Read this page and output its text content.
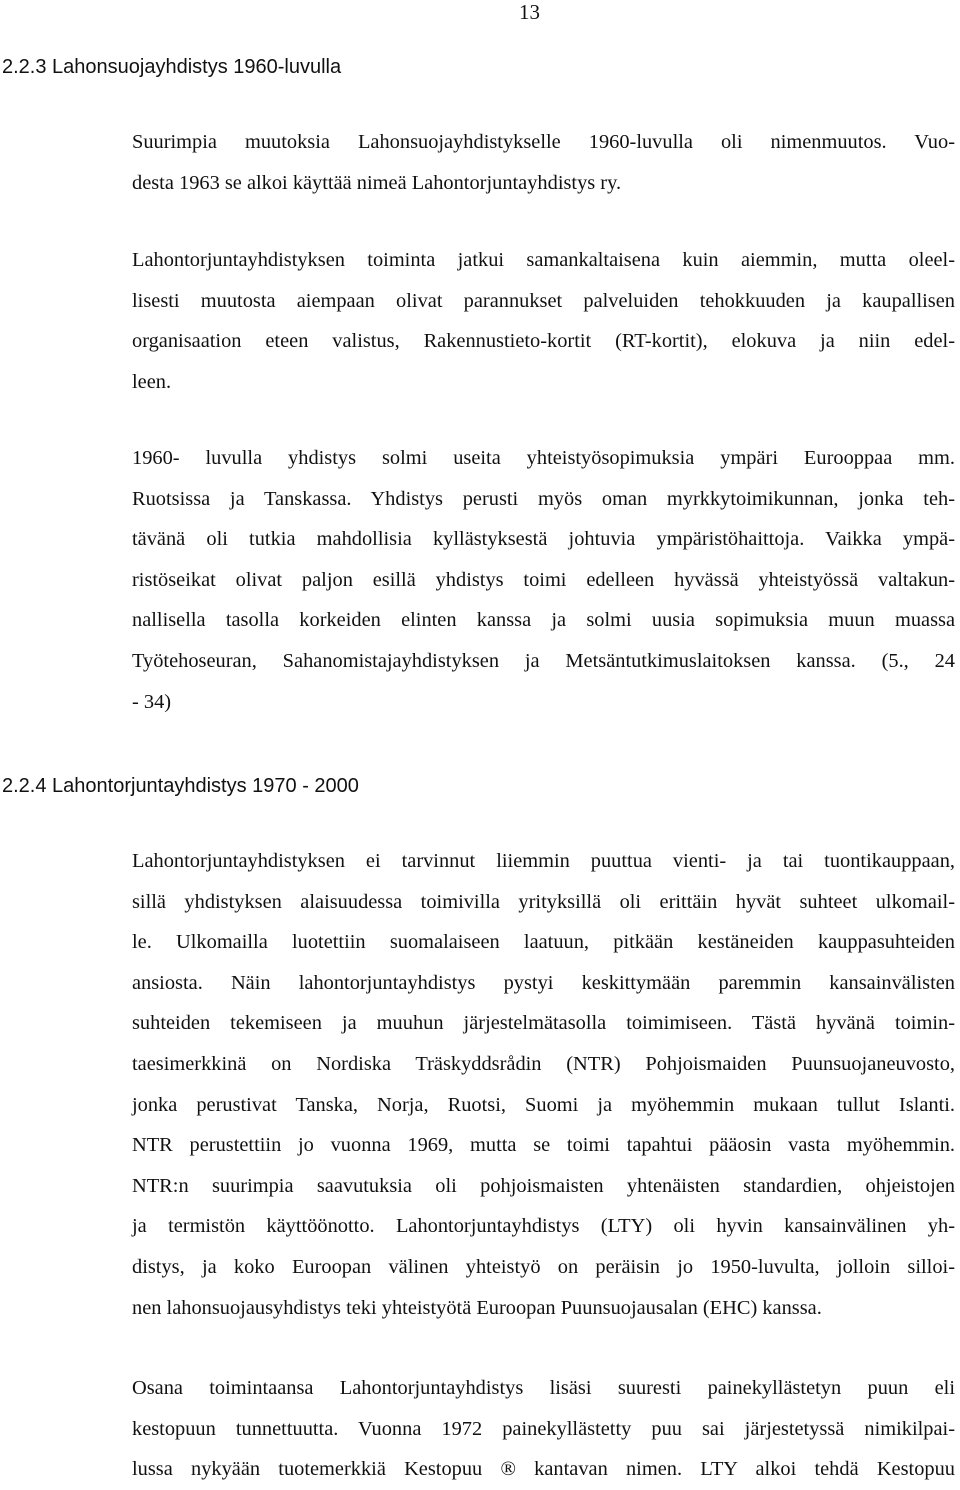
13
2.2.3 Lahonsuojayhdistys 1960-luvulla
Suurimpia muutoksia Lahonsuojayhdistykselle 1960-luvulla oli nimenmuutos. Vuo-
desta 1963 se alkoi käyttää nimeä Lahontorjuntayhdistys ry.
Lahontorjuntayhdistyksen toiminta jatkui samankaltaisena kuin aiemmin, mutta oleel-
lisesti muutosta aiempaan olivat parannukset palveluiden tehokkuuden ja kaupallisen
organisaation eteen valistus, Rakennustieto-kortit (RT-kortit), elokuva ja niin edel-
leen.
1960- luvulla yhdistys solmi useita yhteistyösopimuksia ympäri Eurooppaa mm.
Ruotsissa ja Tanskassa. Yhdistys perusti myös oman myrkkytoimikunnan, jonka teh-
tävänä oli tutkia mahdollisia kyllästyksestä johtuvia ympäristöhaittoja. Vaikka ympä-
ristöseikat olivat paljon esillä yhdistys toimi edelleen hyvässä yhteistyössä valtakun-
nallisella tasolla korkeiden elinten kanssa ja solmi uusia sopimuksia muun muassa
Työtehoseuran, Sahanomistajayhdistyksen ja Metsäntutkimuslaitoksen kanssa. (5., 24
- 34)
2.2.4 Lahontorjuntayhdistys 1970 - 2000
Lahontorjuntayhdistyksen ei tarvinnut liiemmin puuttua vienti- ja tai tuontikauppaan,
sillä yhdistyksen alaisuudessa toimivilla yrityksillä oli erittäin hyvät suhteet ulkomail-
le. Ulkomailla luotettiin suomalaiseen laatuun, pitkään kestäneiden kauppasuhteiden
ansiosta. Näin lahontorjuntayhdistys pystyi keskittymään paremmin kansainvälisten
suhteiden tekemiseen ja muuhun järjestelmätasolla toimimiseen. Tästä hyvänä toimin-
taesimerkkinä on Nordiska Träskyddsrådin (NTR) Pohjoismaiden Puunsuojaneuvosto,
jonka perustivat Tanska, Norja, Ruotsi, Suomi ja myöhemmin mukaan tullut Islanti.
NTR perustettiin jo vuonna 1969, mutta se toimi tapahtui pääosin vasta myöhemmin.
NTR:n suurimpia saavutuksia oli pohjoismaisten yhtenäisten standardien, ohjeistojen
ja termistön käyttöönotto. Lahontorjuntayhdistys (LTY) oli hyvin kansainvälinen yh-
distys, ja koko Euroopan välinen yhteistyö on peräisin jo 1950-luvulta, jolloin silloi-
nen lahonsuojausyhdistys teki yhteistyötä Euroopan Puunsuojausalan (EHC) kanssa.
Osana toimintaansa Lahontorjuntayhdistys lisäsi suuresti painekyllästetyn puun eli
kestopuun tunnettuutta. Vuonna 1972 painekyllästetty puu sai järjestetyssä nimikilpai-
lussa nykyään tuotemerkkiä Kestopuu ® kantavan nimen. LTY alkoi tehdä Kestopuu
